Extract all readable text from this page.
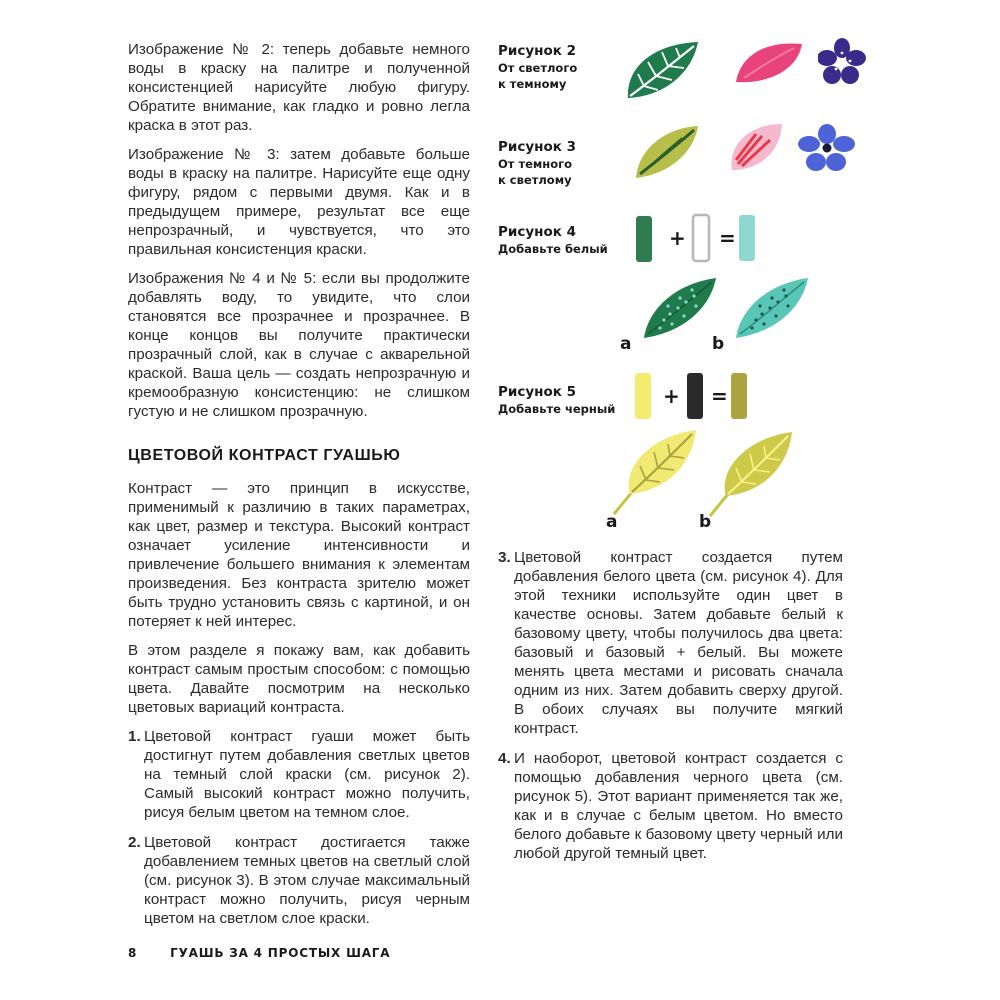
Изображение № 2: теперь добавьте немного воды в краску на палитре и полученной консистенцией нарисуйте любую фигуру. Обратите внимание, как гладко и ровно легла краска в этот раз.

Изображение № 3: затем добавьте больше воды в краску на палитре. Нарисуйте еще одну фигуру, рядом с первыми двумя. Как и в предыдущем примере, результат все еще непрозрачный, и чувствуется, что это правильная консистенция краски.

Изображения № 4 и № 5: если вы продолжите добавлять воду, то увидите, что слои становятся все прозрачнее и прозрачнее. В конце концов вы получите практически прозрачный слой, как в случае с акварельной краской. Ваша цель — создать непрозрачную и кремообразную консистенцию: не слишком густую и не слишком прозрачную.

ЦВЕТОВОЙ КОНТРАСТ ГУАШЬЮ

Контраст — это принцип в искусстве, применимый к различию в таких параметрах, как цвет, размер и текстура. Высокий контраст означает усиление интенсивности и привлечение большего внимания к элементам произведения. Без контраста зрителю может быть трудно установить связь с картиной, и он потеряет к ней интерес.

В этом разделе я покажу вам, как добавить контраст самым простым способом: с помощью цвета. Давайте посмотрим на несколько цветовых вариаций контраста.

1. Цветовой контраст гуаши может быть достигнут путем добавления светлых цветов на темный слой краски (см. рисунок 2). Самый высокий контраст можно получить, рисуя белым цветом на темном слое.
2. Цветовой контраст достигается также добавлением темных цветов на светлый слой (см. рисунок 3). В этом случае максимальный контраст можно получить, рисуя черным цветом на светлом слое краски.
Рисунок 2
От светлого
к темному
Рисунок 3
От темного
к светлому
Рисунок 4
Добавьте белый
Рисунок 5
Добавьте черный
+ =
a	b
+ =
a	b
3. Цветовой контраст создается путем добавления белого цвета (см. рисунок 4). Для этой техники используйте один цвет в качестве основы. Затем добавьте белый к базовому цвету, чтобы получилось два цвета: базовый и базовый + белый. Вы можете менять цвета местами и рисовать сначала одним из них. Затем добавить сверху другой. В обоих случаях вы получите мягкий контраст.
4. И наоборот, цветовой контраст создается с помощью добавления черного цвета (см. рисунок 5). Этот вариант применяется так же, как и в случае с белым цветом. Но вместо белого добавьте к базовому цвету черный или любой другой темный цвет.
8	ГУАШЬ ЗА 4 ПРОСТЫХ ШАГА
